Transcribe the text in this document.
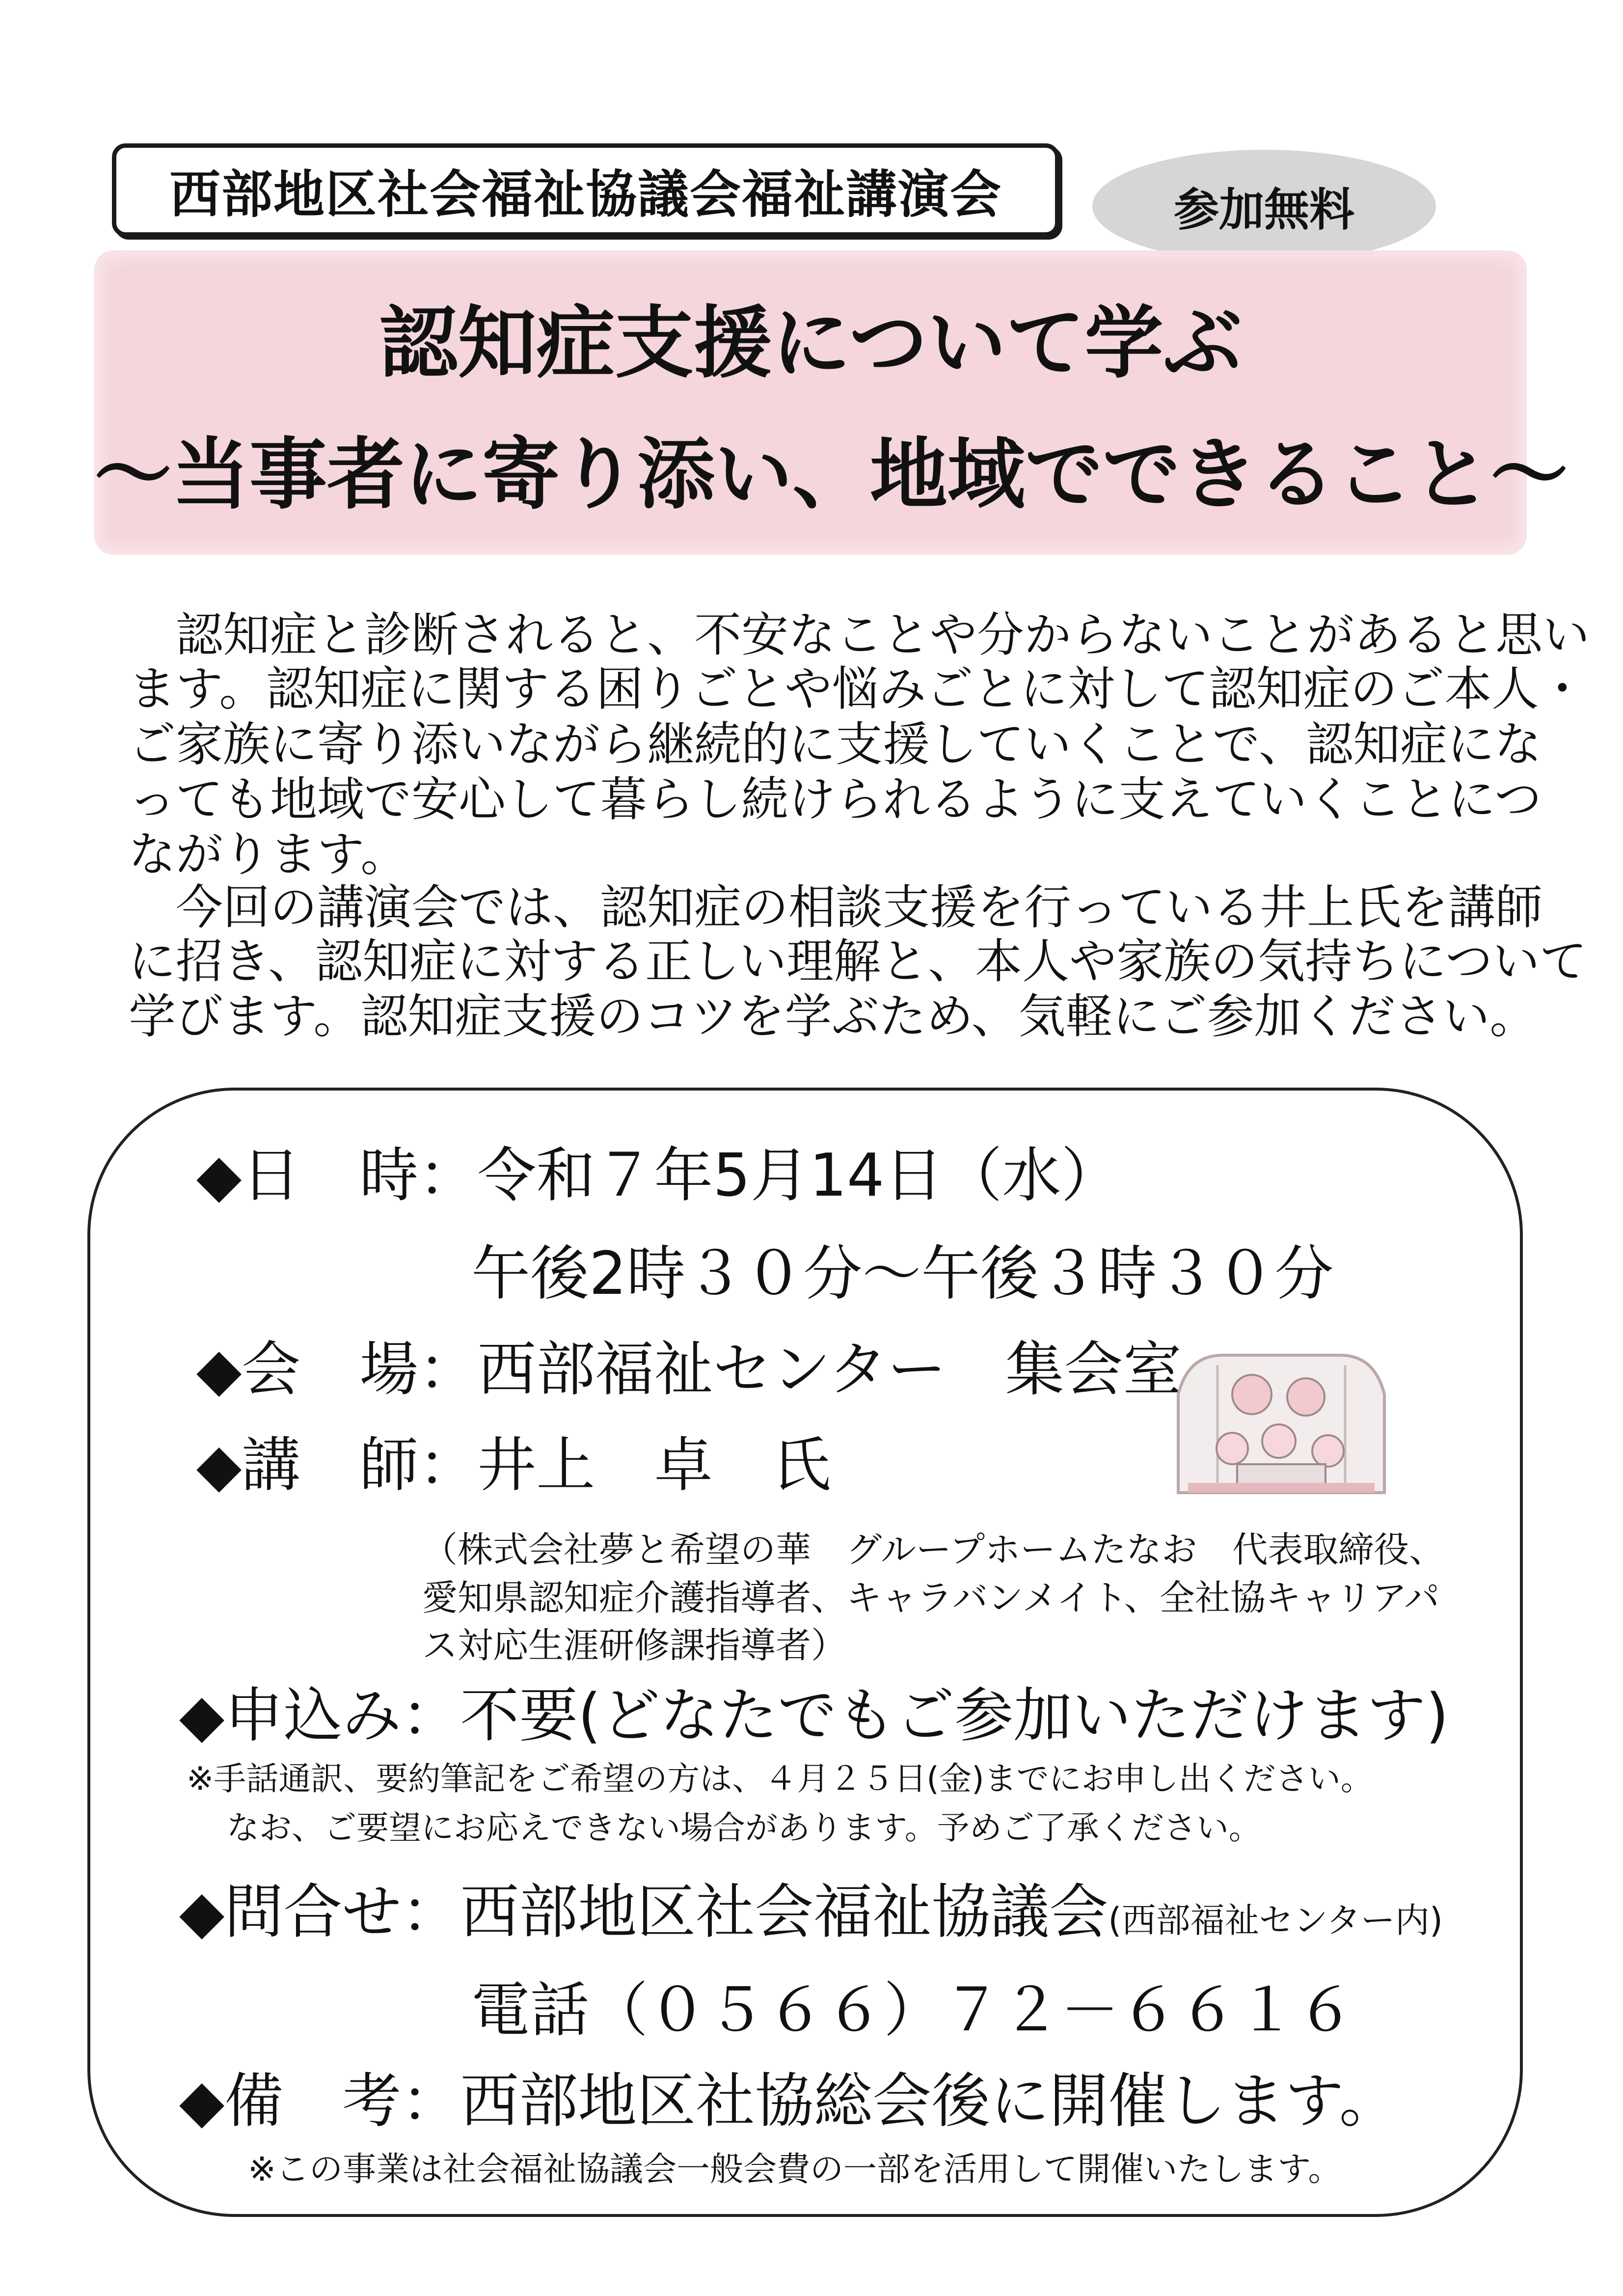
西部地区社会福祉協議会福祉講演会	参加無料
認知症支援について学ぶ
～当事者に寄り添い、地域でできること～
　認知症と診断されると、不安なことや分からないことがあると思い
ます。認知症に関する困りごとや悩みごとに対して認知症のご本人・
ご家族に寄り添いながら継続的に支援していくことで、認知症にな
っても地域で安心して暮らし続けられるように支えていくことにつ
ながります。
　今回の講演会では、認知症の相談支援を行っている井上氏を講師
に招き、認知症に対する正しい理解と、本人や家族の気持ちについて
学びます。認知症支援のコツを学ぶため、気軽にご参加ください。
◆日　時：令和７年5月14日（水）
午後2時３０分～午後３時３０分
◆会　場：西部福祉センター　集会室
◆講　師：井上　卓　氏
（株式会社夢と希望の華　グループホームたなお　代表取締役、
愛知県認知症介護指導者、キャラバンメイト、全社協キャリアパ
ス対応生涯研修課指導者）
◆申込み：不要(どなたでもご参加いただけます)
※手話通訳、要約筆記をご希望の方は、４月２５日(金)までにお申し出ください。
なお、ご要望にお応えできない場合があります。予めご了承ください。
◆問合せ：西部地区社会福祉協議会(西部福祉センター内)
電話（０５６６）７２－６６１６
◆備　考：西部地区社協総会後に開催します。
※この事業は社会福祉協議会一般会費の一部を活用して開催いたします。
